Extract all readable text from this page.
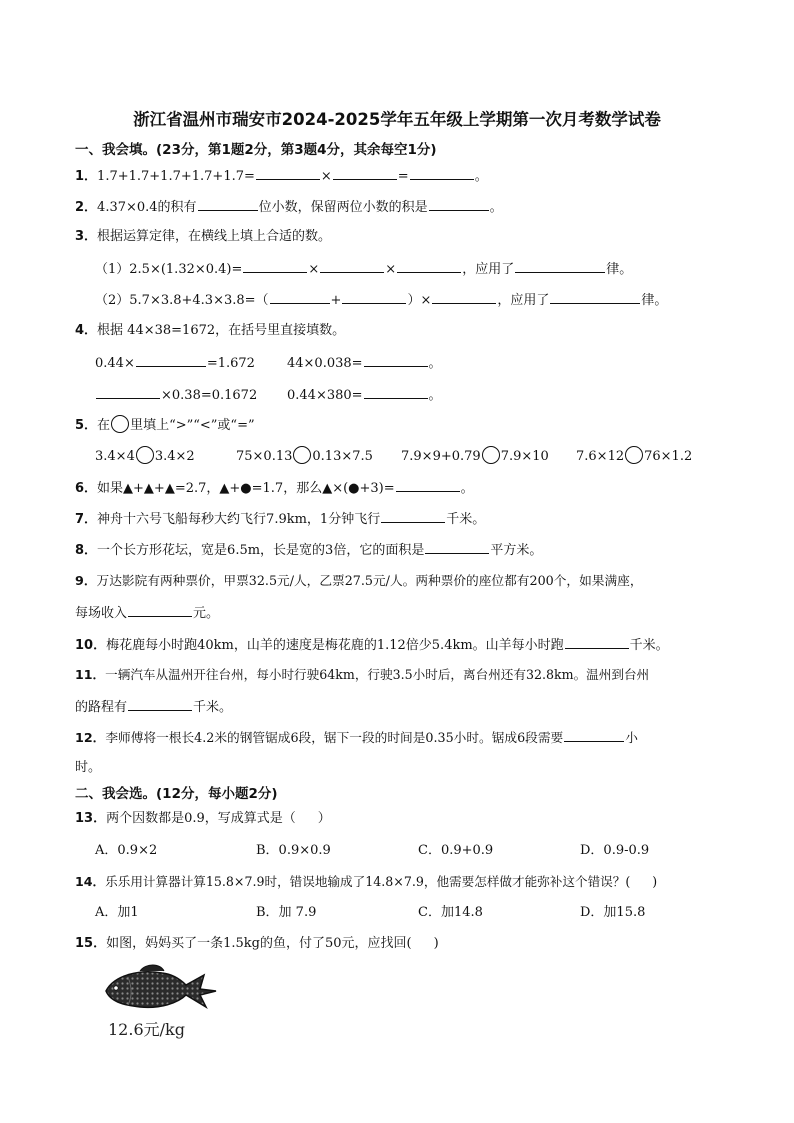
浙江省温州市瑞安市2024-2025学年五年级上学期第一次月考数学试卷
一、我会填。(23分，第1题2分，第3题4分，其余每空1分)
1．1.7+1.7+1.7+1.7+1.7=	×	=	。
2．4.37×0.4的积有	位小数，保留两位小数的积是	。
3．根据运算定律，在横线上填上合适的数。
（1）2.5×(1.32×0.4)=	×	×	，应用了	律。
（2）5.7×3.8+4.3×3.8=（	+	）×	，应用了	律。
4．根据 44×38=1672，在括号里直接填数。
0.44×	=1.672 44×0.038=	。
×0.38=0.1672 0.44×380=	。
5．在 里填上“>”“<”或“=”
3.4×4 3.4×2	75×0.13 0.13×7.5 7.9×9+0.79 7.9×10 7.6×12 76×1.2
6．如果▲+▲+▲=2.7，▲+●=1.7，那么▲×(●+3)=	。
7．神舟十六号飞船每秒大约飞行7.9km，1分钟飞行	千米。
8．一个长方形花坛，宽是6.5m，长是宽的3倍，它的面积是	平方米。
9．万达影院有两种票价，甲票32.5元/人，乙票27.5元/人。两种票价的座位都有200个，如果满座，
每场收入	元。
10．梅花鹿每小时跑40km，山羊的速度是梅花鹿的1.12倍少5.4km。山羊每小时跑	千米。
11．一辆汽车从温州开往台州，每小时行驶64km，行驶3.5小时后，离台州还有32.8km。温州到台州
的路程有	千米。
12．李师傅将一根长4.2米的钢管锯成6段，锯下一段的时间是0.35小时。锯成6段需要	小
时。
二、我会选。(12分，每小题2分)
13．两个因数都是0.9，写成算式是（ ）
A．0.9×2	B．0.9×0.9	C．0.9+0.9	D．0.9-0.9
14．乐乐用计算器计算15.8×7.9时，错误地输成了14.8×7.9，他需要怎样做才能弥补这个错误？( )
A．加1	B．加 7.9	C．加14.8	D．加15.8
15．如图，妈妈买了一条1.5kg的鱼，付了50元，应找回( )
12.6元/kg
